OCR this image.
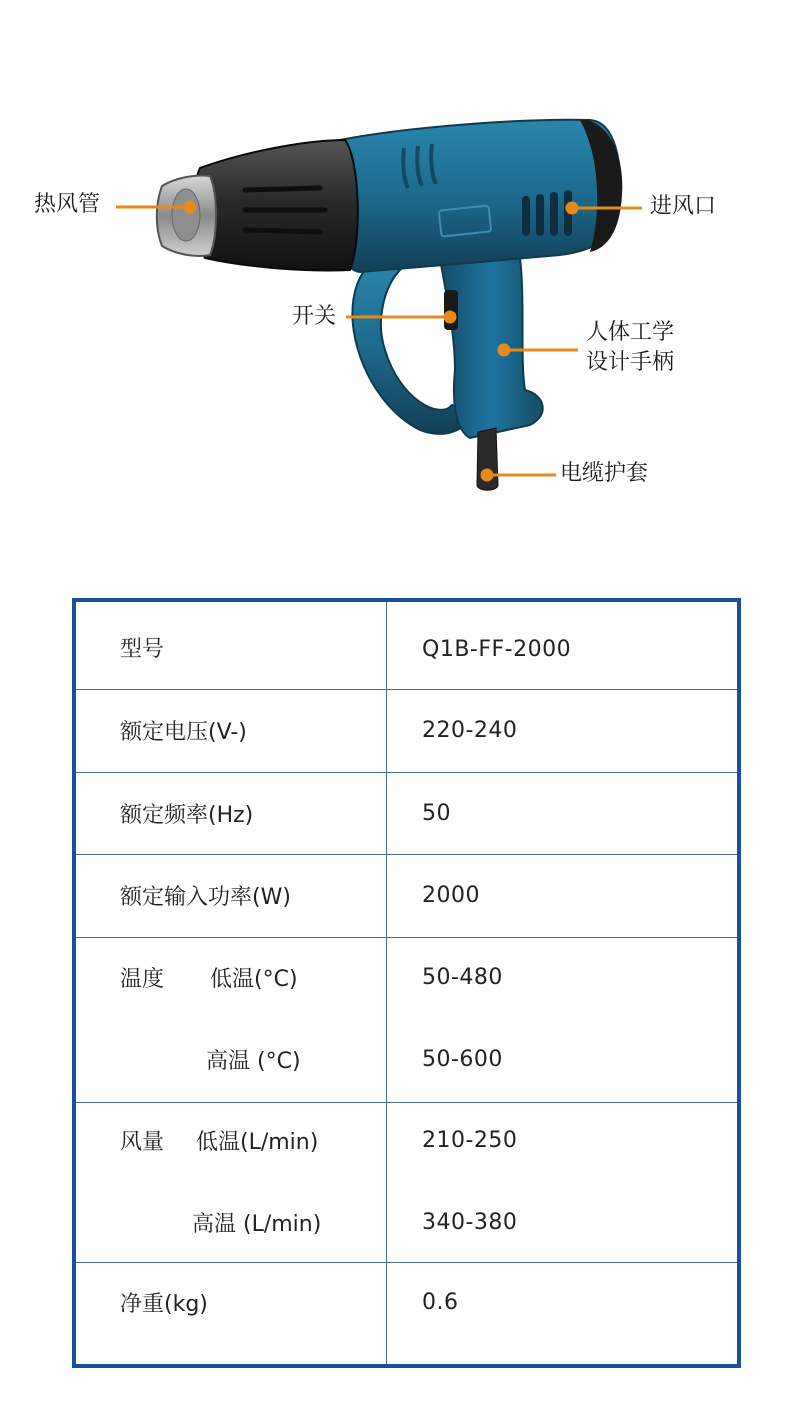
热风管	进风口
开关
人体工学
设计手柄
电缆护套
型号	Q1B-FF-2000
额定电压(V-)	220-240
额定频率(Hz)	50
额定输入功率(W)	2000
温度 低温(°C)	50-480
高温 (°C)	50-600
风量 低温(L/min)	210-250
高温 (L/min)	340-380
净重(kg)	0.6
